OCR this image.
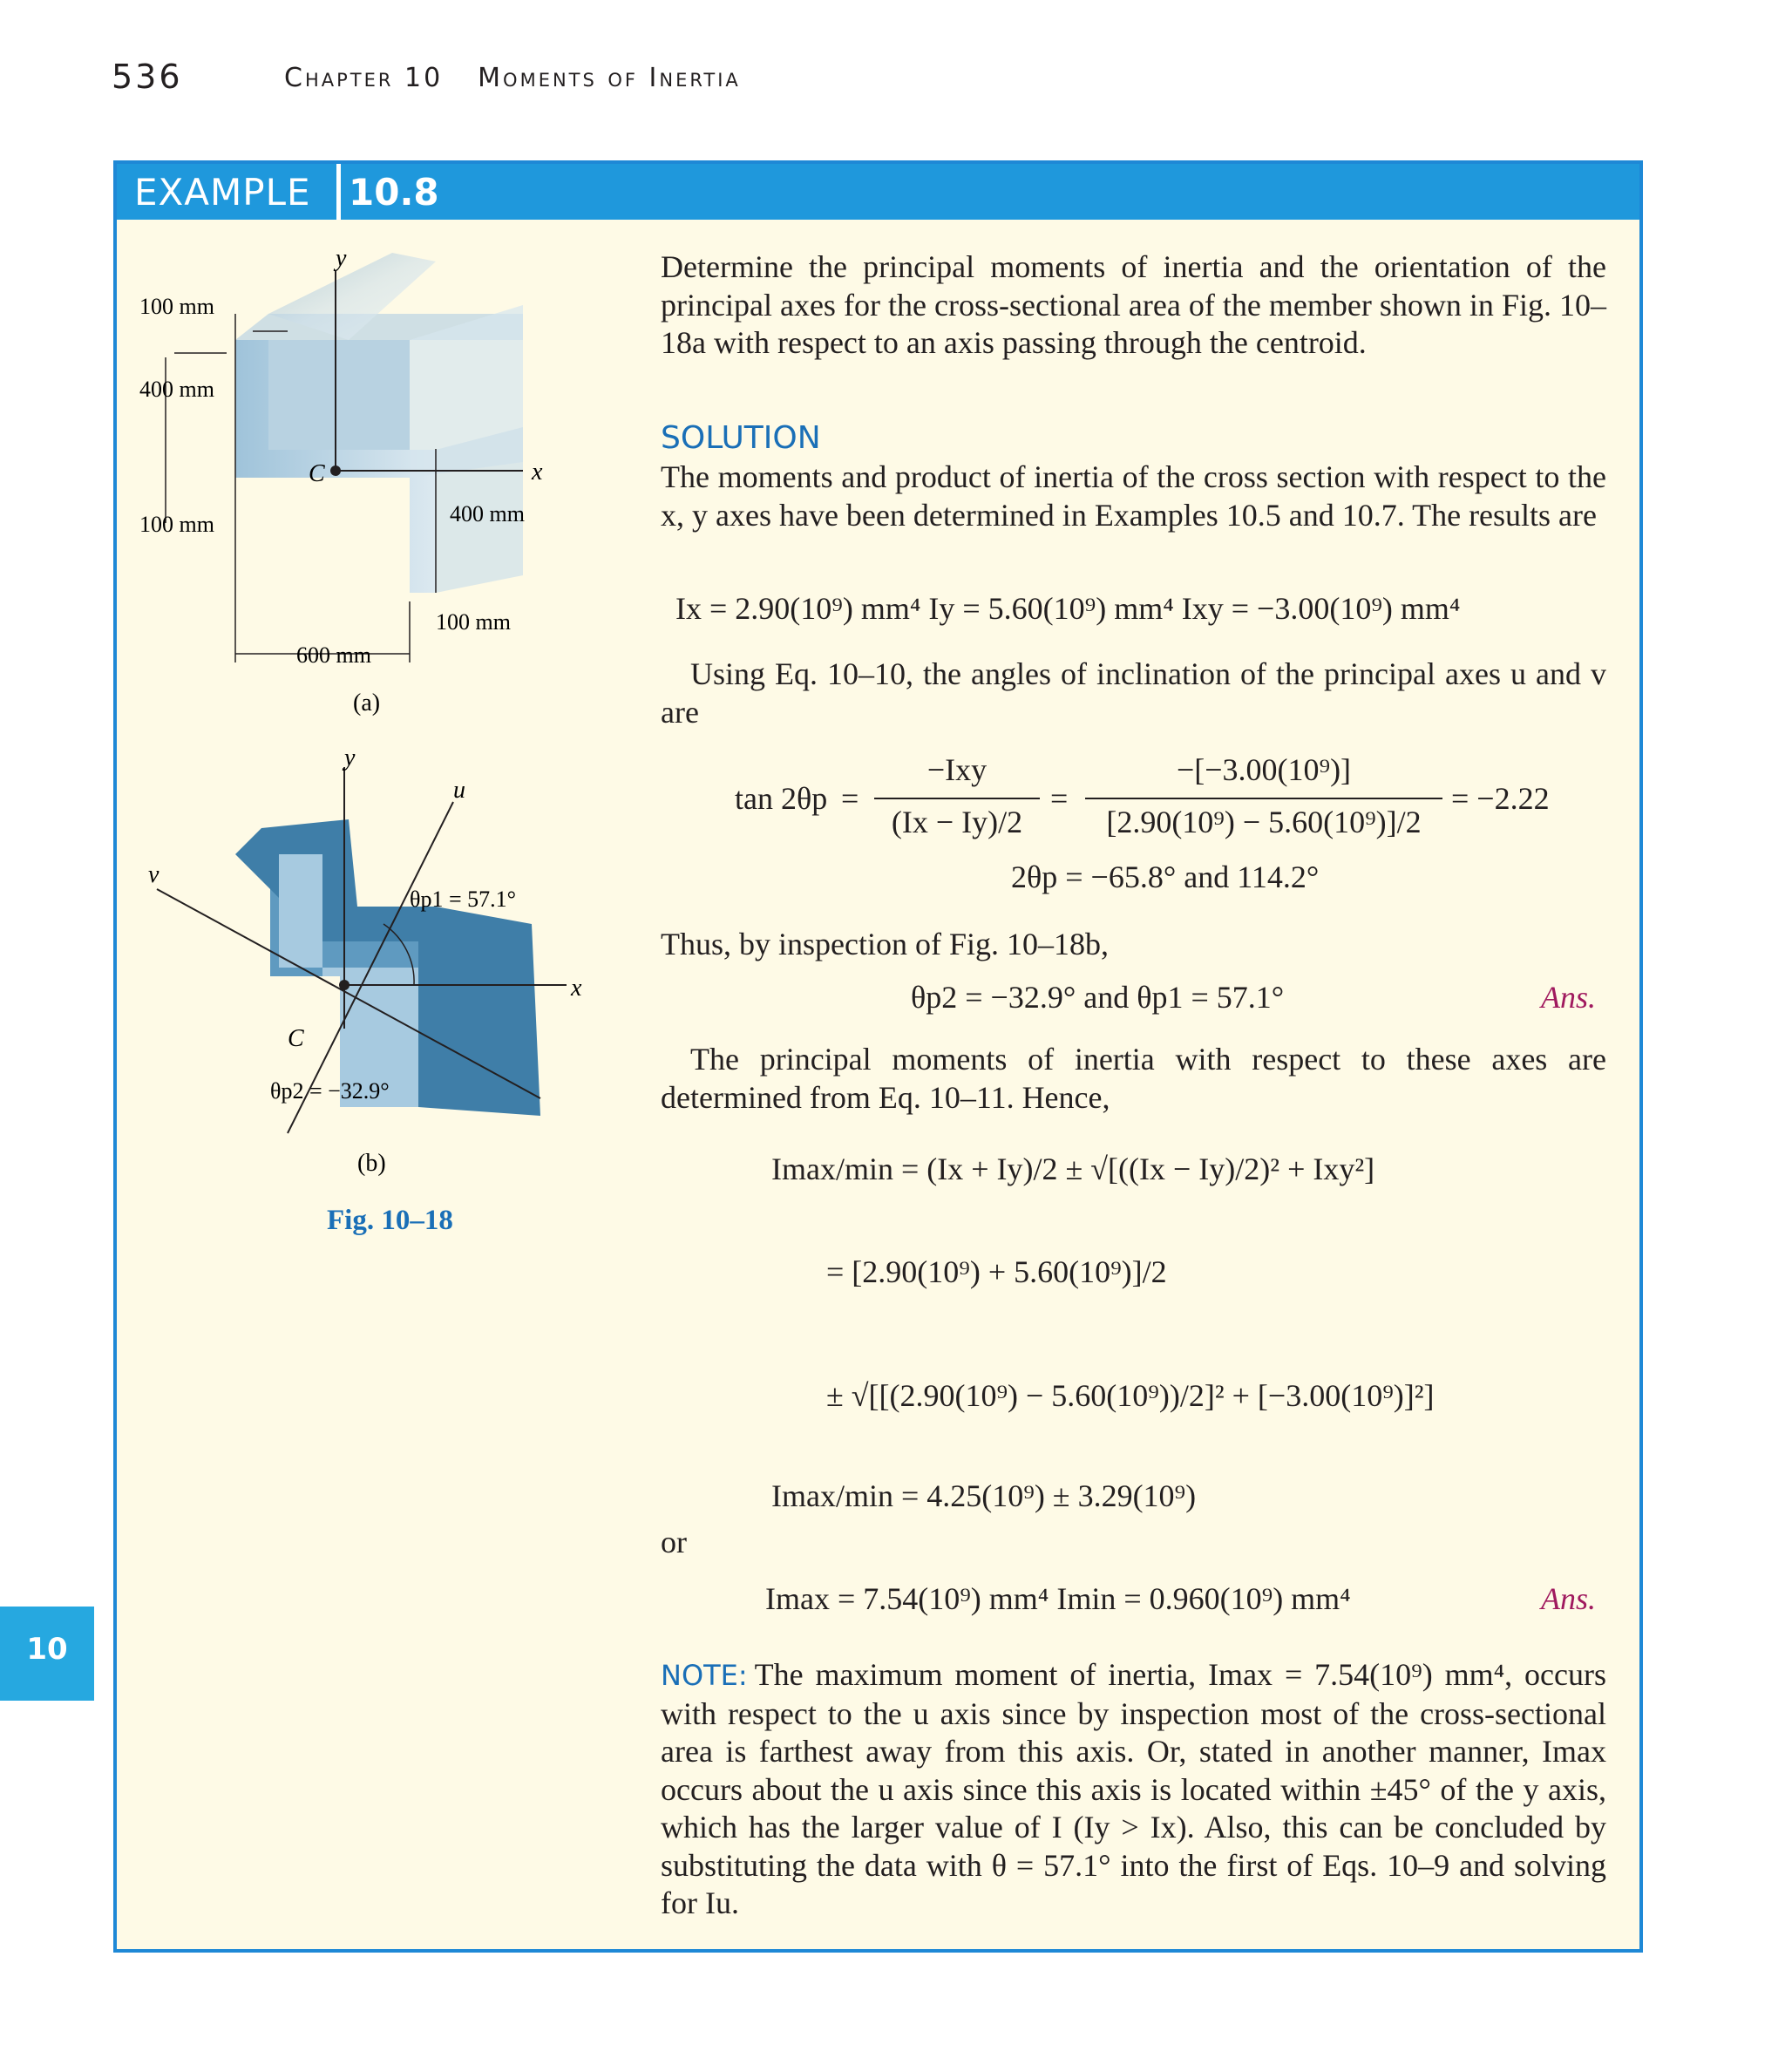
536	Chapter 10 Moments of Inertia
EXAMPLE 10.8
10
y
x
C
100 mm
400 mm
100 mm	400 mm
100 mm
600 mm
(a)
y
x
u
v
C
θp1 = 57.1°
θp2 = −32.9°
(b)
Fig. 10–18
Determine the principal moments of inertia and the orientation of the principal axes for the cross-sectional area of the member shown in Fig. 10–18a with respect to an axis passing through the centroid.
SOLUTION
The moments and product of inertia of the cross section with respect to the x, y axes have been determined in Examples 10.5 and 10.7. The results are
Ix = 2.90(10⁹) mm⁴ Iy = 5.60(10⁹) mm⁴ Ixy = −3.00(10⁹) mm⁴
Using Eq. 10–10, the angles of inclination of the principal axes u and v are
tan 2θp =
−Ixy
(Ix − Iy)/2
=
−[−3.00(10⁹)]
[2.90(10⁹) − 5.60(10⁹)]/2
= −2.22
2θp = −65.8° and 114.2°
Thus, by inspection of Fig. 10–18b,
θp2 = −32.9° and θp1 = 57.1°	Ans.
The principal moments of inertia with respect to these axes are determined from Eq. 10–11. Hence,
Imax/min = (Ix + Iy)/2 ± √[((Ix − Iy)/2)² + Ixy²]
= [2.90(10⁹) + 5.60(10⁹)]/2
± √[[(2.90(10⁹) − 5.60(10⁹))/2]² + [−3.00(10⁹)]²]
Imax/min = 4.25(10⁹) ± 3.29(10⁹)
or
Imax = 7.54(10⁹) mm⁴ Imin = 0.960(10⁹) mm⁴	Ans.
NOTE: The maximum moment of inertia, Imax = 7.54(10⁹) mm⁴, occurs with respect to the u axis since by inspection most of the cross-sectional area is farthest away from this axis. Or, stated in another manner, Imax occurs about the u axis since this axis is located within ±45° of the y axis, which has the larger value of I (Iy > Ix). Also, this can be concluded by substituting the data with θ = 57.1° into the first of Eqs. 10–9 and solving for Iu.
